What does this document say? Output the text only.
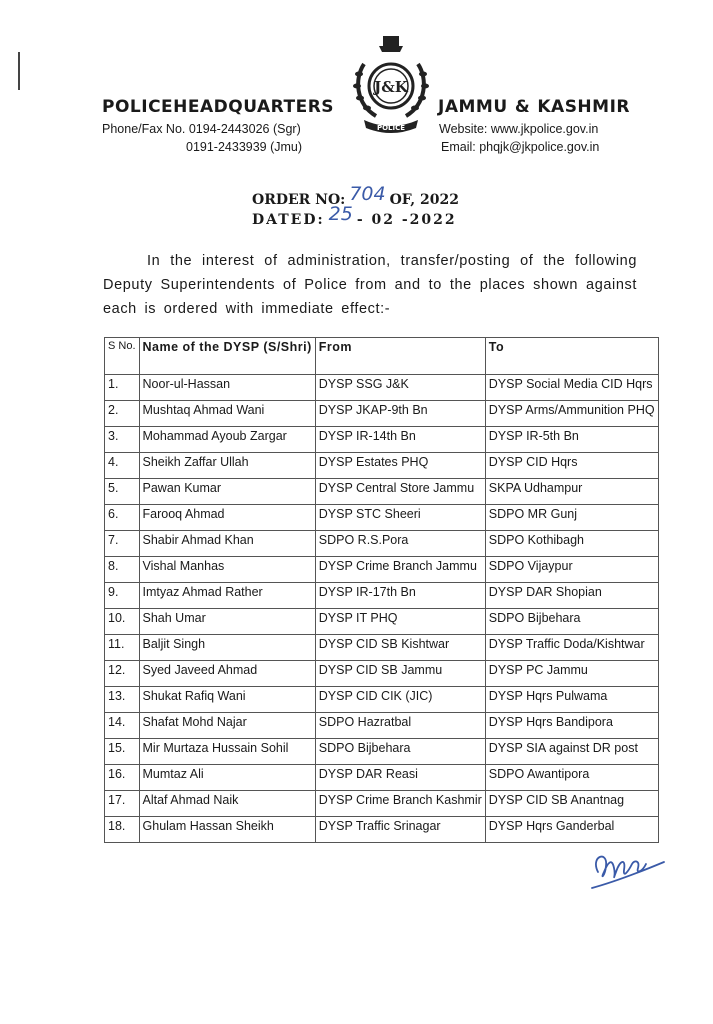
J&K
POLICE
POLICE HEADQUARTERS	JAMMU & KASHMIR
Phone/Fax No. 0194-2443026 (Sgr)
0191-2433939 (Jmu)
Website: www.jkpolice.gov.in
Email: phqjk@jkpolice.gov.in
ORDER NO: 704 OF, 2022
DATED: 25 - 02 -2022
In the interest of administration, transfer/posting of the following Deputy Superintendents of Police from and to the places shown against each is ordered with immediate effect:-
S No.	Name of the DYSP (S/Shri)	From	To
1.	Noor-ul-Hassan	DYSP SSG J&K	DYSP Social Media CID Hqrs
2.	Mushtaq Ahmad Wani	DYSP JKAP-9th Bn	DYSP Arms/Ammunition PHQ
3.	Mohammad Ayoub Zargar	DYSP IR-14th Bn	DYSP IR-5th Bn
4.	Sheikh Zaffar Ullah	DYSP Estates PHQ	DYSP CID Hqrs
5.	Pawan Kumar	DYSP Central Store Jammu	SKPA Udhampur
6.	Farooq Ahmad	DYSP STC Sheeri	SDPO MR Gunj
7.	Shabir Ahmad Khan	SDPO R.S.Pora	SDPO Kothibagh
8.	Vishal Manhas	DYSP Crime Branch Jammu	SDPO Vijaypur
9.	Imtyaz Ahmad Rather	DYSP IR-17th Bn	DYSP DAR Shopian
10.	Shah Umar	DYSP IT PHQ	SDPO Bijbehara
11.	Baljit Singh	DYSP CID SB Kishtwar	DYSP Traffic Doda/Kishtwar
12.	Syed Javeed Ahmad	DYSP CID SB Jammu	DYSP PC Jammu
13.	Shukat Rafiq Wani	DYSP CID CIK (JIC)	DYSP Hqrs Pulwama
14.	Shafat Mohd Najar	SDPO Hazratbal	DYSP Hqrs Bandipora
15.	Mir Murtaza Hussain Sohil	SDPO Bijbehara	DYSP SIA against DR post
16.	Mumtaz Ali	DYSP DAR Reasi	SDPO Awantipora
17.	Altaf Ahmad Naik	DYSP Crime Branch Kashmir	DYSP CID SB Anantnag
18.	Ghulam Hassan Sheikh	DYSP Traffic Srinagar	DYSP Hqrs Ganderbal
